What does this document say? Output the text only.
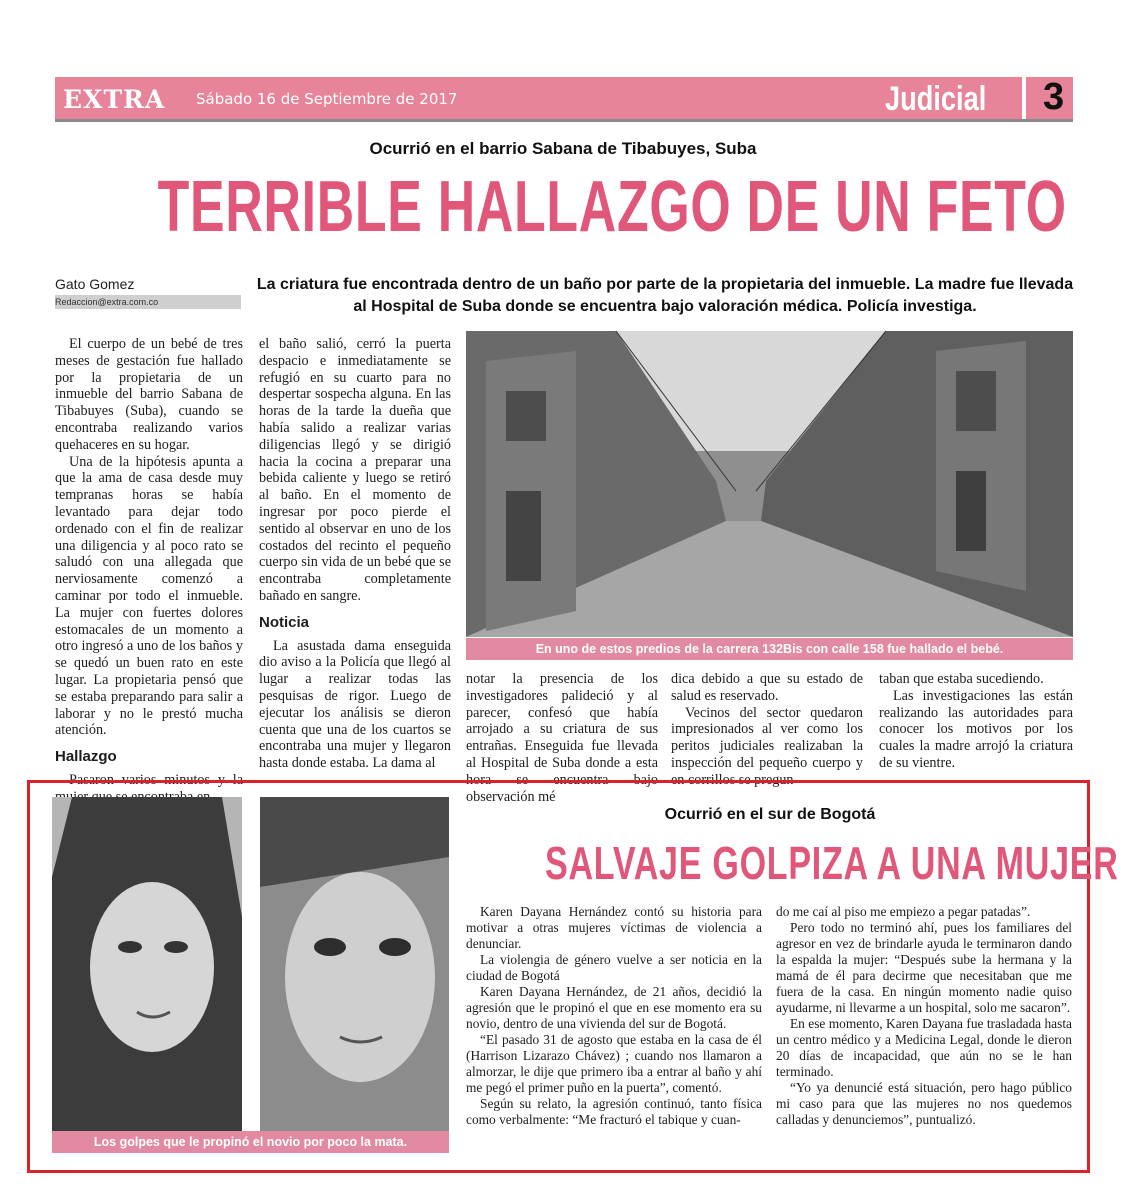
EXTRA Sábado 16 de Septiembre de 2017	Judicial 3
Ocurrió en el barrio Sabana de Tibabuyes, Suba
TERRIBLE HALLAZGO DE UN FETO
Gato Gomez
Redaccion@extra.com.co
La criatura fue encontrada dentro de un baño por parte de la propietaria del inmueble. La madre fue llevada al Hospital de Suba donde se encuentra bajo valoración médica. Policía investiga.

El cuerpo de un bebé de tres meses de gestación fue hallado por la propietaria de un inmueble del barrio Sabana de Tibabuyes (Suba), cuando se encontraba realizando varios quehaceres en su hogar.

Una de la hipótesis apunta a que la ama de casa desde muy tempranas horas se había levantado para dejar todo ordenado con el fin de realizar una diligencia y al poco rato se saludó con una allegada que nerviosamente comenzó a caminar por todo el inmueble. La mujer con fuertes dolores estomacales de un momento a otro ingresó a uno de los baños y se quedó un buen rato en este lugar. La propietaria pensó que se estaba preparando para salir a laborar y no le prestó mucha atención.

Hallazgo

Pasaron varios minutos y la

el baño salió, cerró la puerta despacio e inmediatamente se refugió en su cuarto para no despertar sospecha alguna. En las horas de la tarde la dueña que había salido a realizar varias diligencias llegó y se dirigió hacia la cocina a preparar una bebida caliente y luego se retiró al baño. En el momento de ingresar por poco pierde el sentido al observar en uno de los costados del recinto el pequeño cuerpo sin vida de un bebé que se encontraba completamente bañado en sangre.

Noticia

La asustada dama enseguida dio aviso a la Policía que llegó al lugar a realizar todas las pesquisas de rigor. Luego de ejecutar los análisis se dieron cuenta que una de los cuartos se encontraba una mujer y llegaron hasta donde estaba. La dama al

En uno de estos predios de la carrera 132Bis con calle 158 fue hallado el bebé.

notar la presencia de los investigadores palideció y al parecer, confesó que había arrojado a su criatura de sus entrañas. Enseguida fue llevada al Hospital de Suba donde a esta hora se encuentra bajo observación mé

dica debido a que su estado de salud es reservado.

Vecinos del sector quedaron impresionados al ver como los peritos judiciales realizaban la inspección del pequeño cuerpo y en corrillos se pregun

taban que estaba sucediendo.

Las investigaciones las están realizando las autoridades para conocer los motivos por los cuales la madre arrojó la criatura de su vientre.

Los golpes que le propinó el novio por poco la mata.
Ocurrió en el sur de Bogotá
SALVAJE GOLPIZA A UNA MUJER

Karen Dayana Hernández contó su historia para motivar a otras mujeres víctimas de violencia a denunciar.

La violengia de género vuelve a ser noticia en la ciudad de Bogotá

Karen Dayana Hernández, de 21 años, decidió la agresión que le propinó el que en ese momento era su novio, dentro de una vivienda del sur de Bogotá.

“El pasado 31 de agosto que estaba en la casa de él (Harrison Lizarazo Chávez) ; cuando nos llamaron a almorzar, le dije que primero iba a entrar al baño y ahí me pegó el primer puño en la puerta”, comentó.

Según su relato, la agresión continuó, tanto física como verbalmente: “Me fracturó el tabique y cuan-

do me caí al piso me empiezo a pegar patadas”.

Pero todo no terminó ahí, pues los familiares del agresor en vez de brindarle ayuda le terminaron dando la espalda la mujer: “Después sube la hermana y la mamá de él para decirme que necesitaban que me fuera de la casa. En ningún momento nadie quiso ayudarme, ni llevarme a un hospital, solo me sacaron”.

En ese momento, Karen Dayana fue trasladada hasta un centro médico y a Medicina Legal, donde le dieron 20 días de incapacidad, que aún no se le han terminado.

“Yo ya denuncié está situación, pero hago público mi caso para que las mujeres no nos quedemos calladas y denunciemos”, puntualizó.
